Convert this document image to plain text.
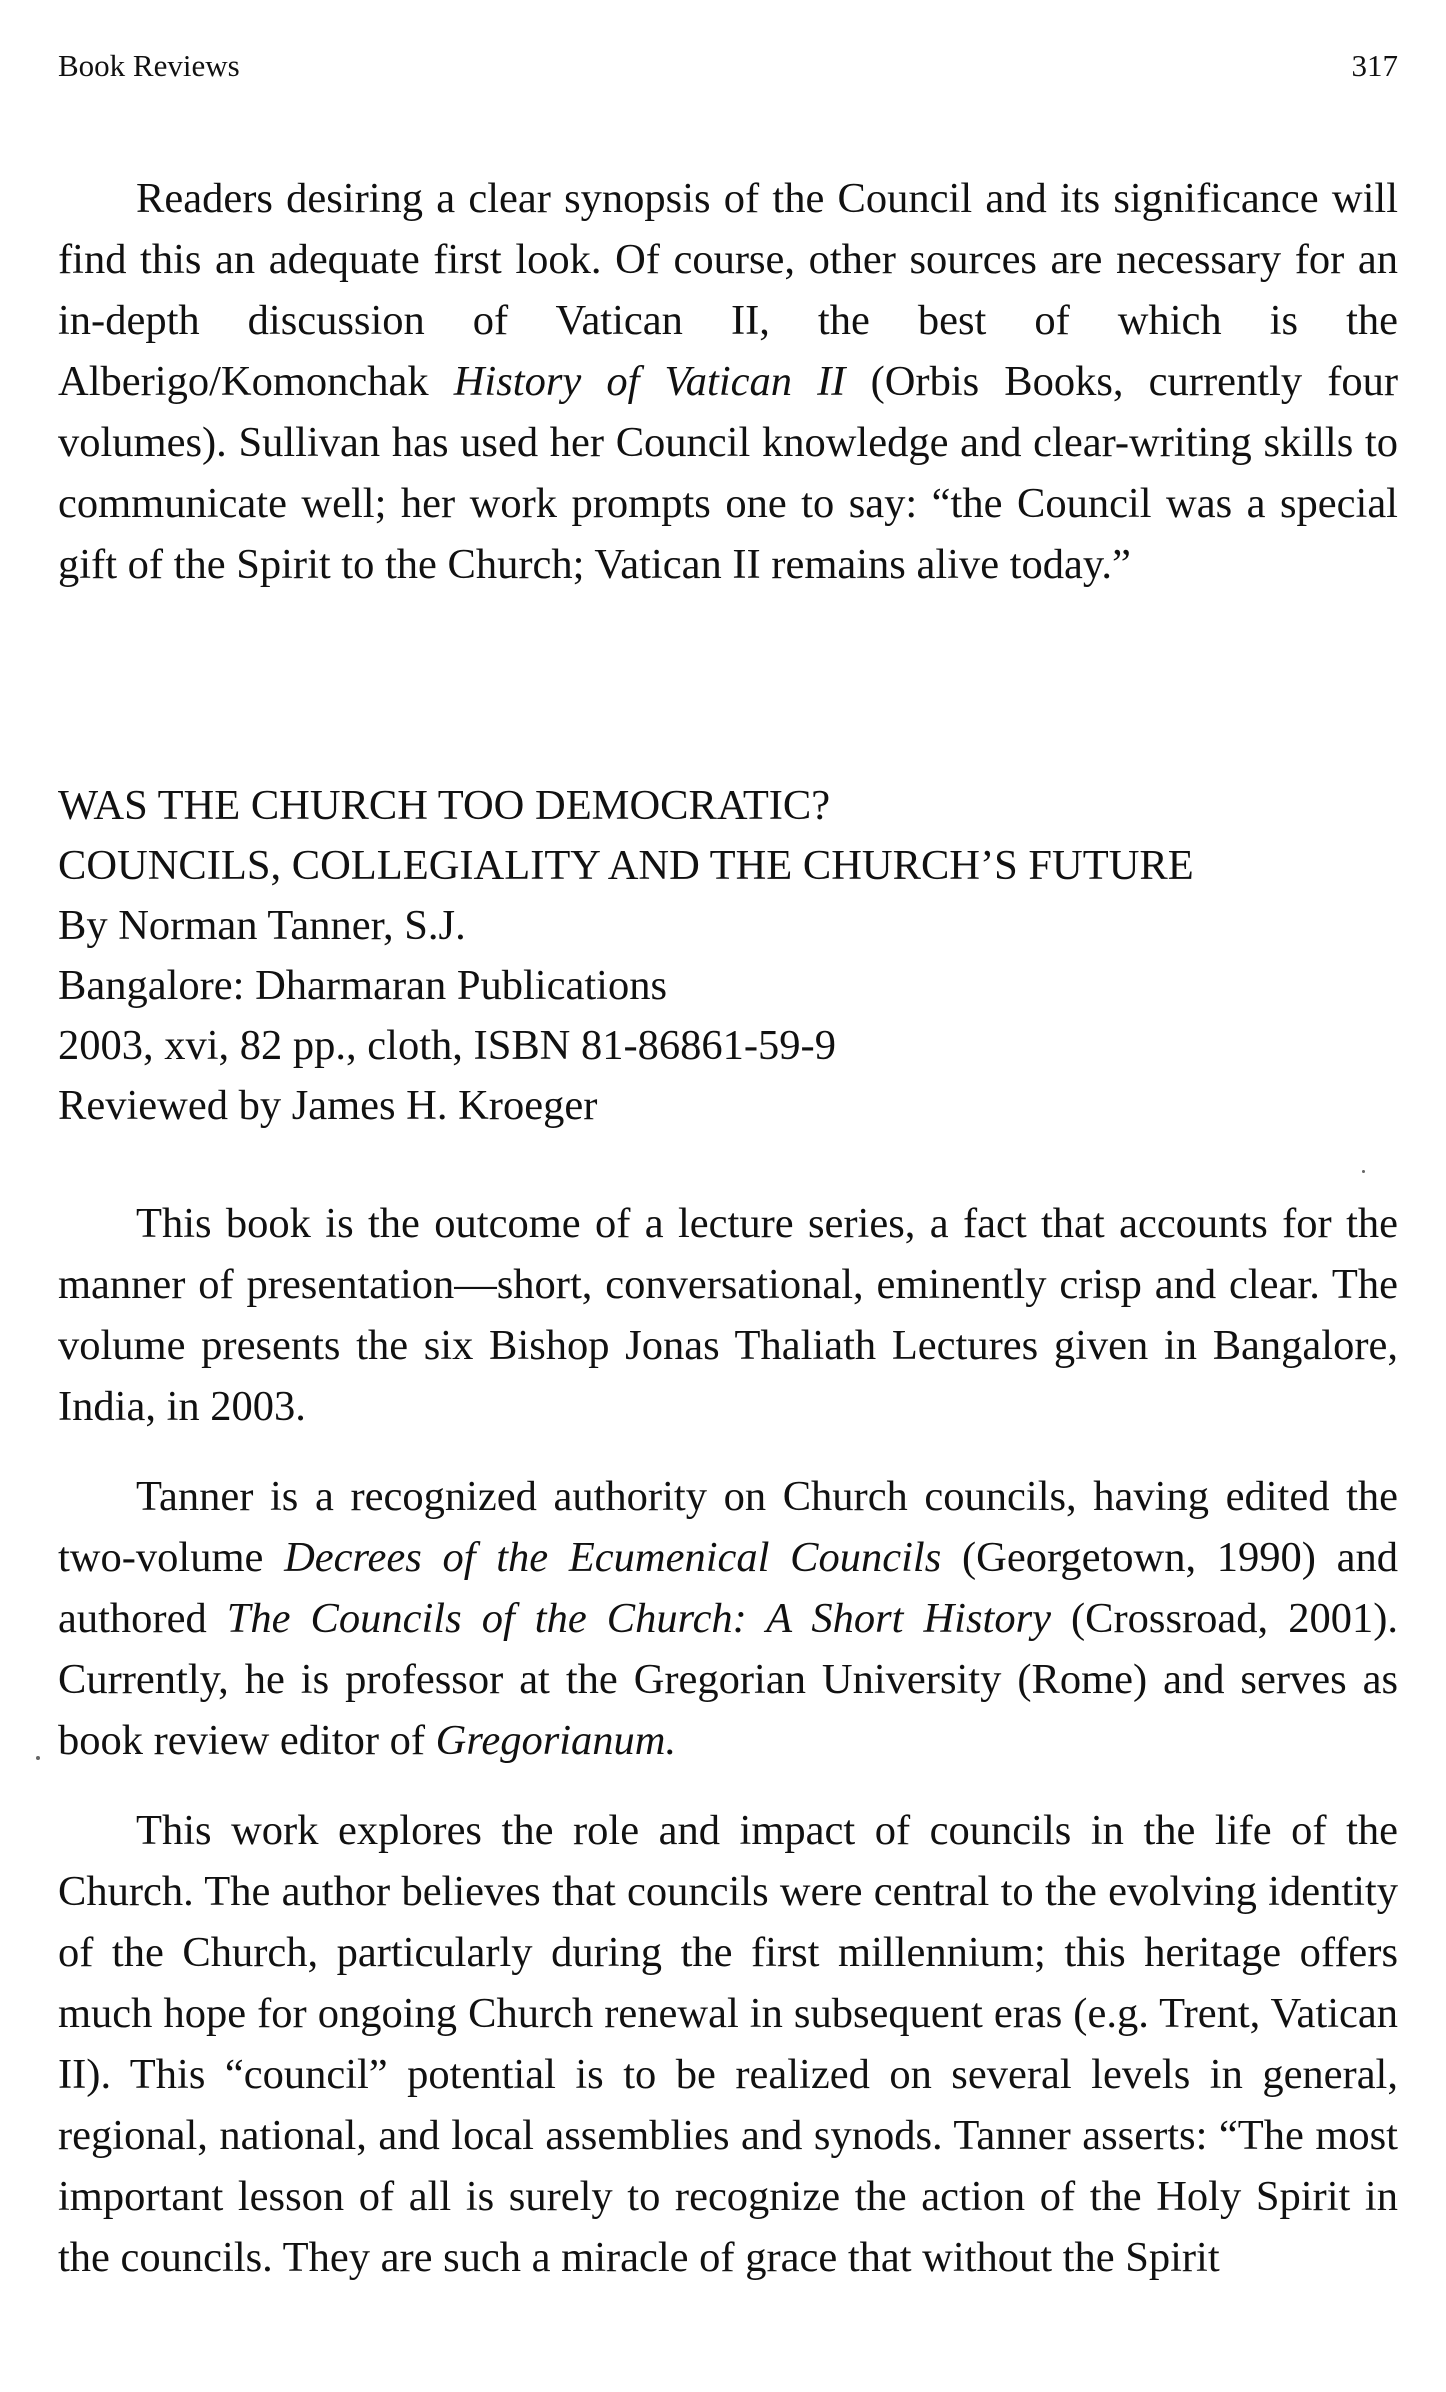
Book Reviews	317

Readers desiring a clear synopsis of the Council and its significance will find this an adequate first look. Of course, other sources are necessary for an in-depth discussion of Vatican II, the best of which is the Alberigo/Komonchak History of Vatican II (Orbis Books, currently four volumes). Sullivan has used her Council knowledge and clear-writing skills to communicate well; her work prompts one to say: “the Council was a special gift of the Spirit to the Church; Vatican II remains alive today.”

WAS THE CHURCH TOO DEMOCRATIC?
COUNCILS, COLLEGIALITY AND THE CHURCH’S FUTURE
By Norman Tanner, S.J.
Bangalore: Dharmaran Publications
2003, xvi, 82 pp., cloth, ISBN 81-86861-59-9
Reviewed by James H. Kroeger

This book is the outcome of a lecture series, a fact that accounts for the manner of presentation—short, conversational, eminently crisp and clear. The volume presents the six Bishop Jonas Thaliath Lectures given in Bangalore, India, in 2003.

Tanner is a recognized authority on Church councils, having edited the two-volume Decrees of the Ecumenical Councils (Georgetown, 1990) and authored The Councils of the Church: A Short History (Crossroad, 2001). Currently, he is professor at the Gregorian University (Rome) and serves as book review editor of Gregorianum.

This work explores the role and impact of councils in the life of the Church. The author believes that councils were central to the evolving identity of the Church, particularly during the first millennium; this heritage offers much hope for ongoing Church renewal in subsequent eras (e.g. Trent, Vatican II). This “council” potential is to be realized on several levels in general, regional, national, and local assemblies and synods. Tanner asserts: “The most important lesson of all is surely to recognize the action of the Holy Spirit in the councils. They are such a miracle of grace that without the Spirit
